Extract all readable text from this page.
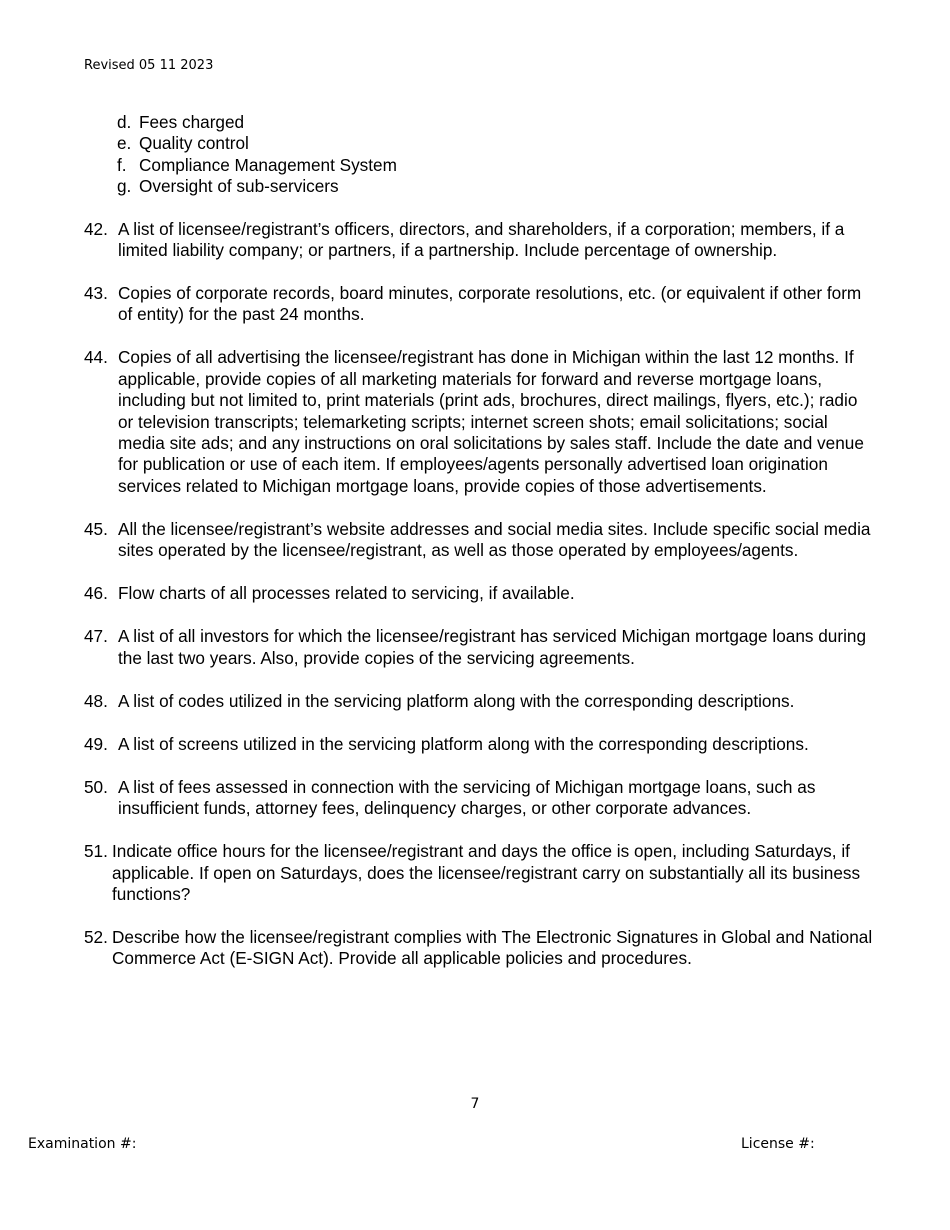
Revised 05 11 2023
d. Fees charged
e. Quality control
f. Compliance Management System
g. Oversight of sub-servicers
42. A list of licensee/registrant’s officers, directors, and shareholders, if a corporation; members, if a limited liability company; or partners, if a partnership. Include percentage of ownership.
43. Copies of corporate records, board minutes, corporate resolutions, etc. (or equivalent if other form of entity) for the past 24 months.
44. Copies of all advertising the licensee/registrant has done in Michigan within the last 12 months. If applicable, provide copies of all marketing materials for forward and reverse mortgage loans, including but not limited to, print materials (print ads, brochures, direct mailings, flyers, etc.); radio or television transcripts; telemarketing scripts; internet screen shots; email solicitations; social media site ads; and any instructions on oral solicitations by sales staff. Include the date and venue for publication or use of each item. If employees/agents personally advertised loan origination services related to Michigan mortgage loans, provide copies of those advertisements.
45. All the licensee/registrant’s website addresses and social media sites. Include specific social media sites operated by the licensee/registrant, as well as those operated by employees/agents.
46. Flow charts of all processes related to servicing, if available.
47. A list of all investors for which the licensee/registrant has serviced Michigan mortgage loans during the last two years. Also, provide copies of the servicing agreements.
48. A list of codes utilized in the servicing platform along with the corresponding descriptions.
49. A list of screens utilized in the servicing platform along with the corresponding descriptions.
50. A list of fees assessed in connection with the servicing of Michigan mortgage loans, such as insufficient funds, attorney fees, delinquency charges, or other corporate advances.
51. Indicate office hours for the licensee/registrant and days the office is open, including Saturdays, if applicable. If open on Saturdays, does the licensee/registrant carry on substantially all its business functions?
52. Describe how the licensee/registrant complies with The Electronic Signatures in Global and National Commerce Act (E-SIGN Act). Provide all applicable policies and procedures.
7
Examination #:	License #:
